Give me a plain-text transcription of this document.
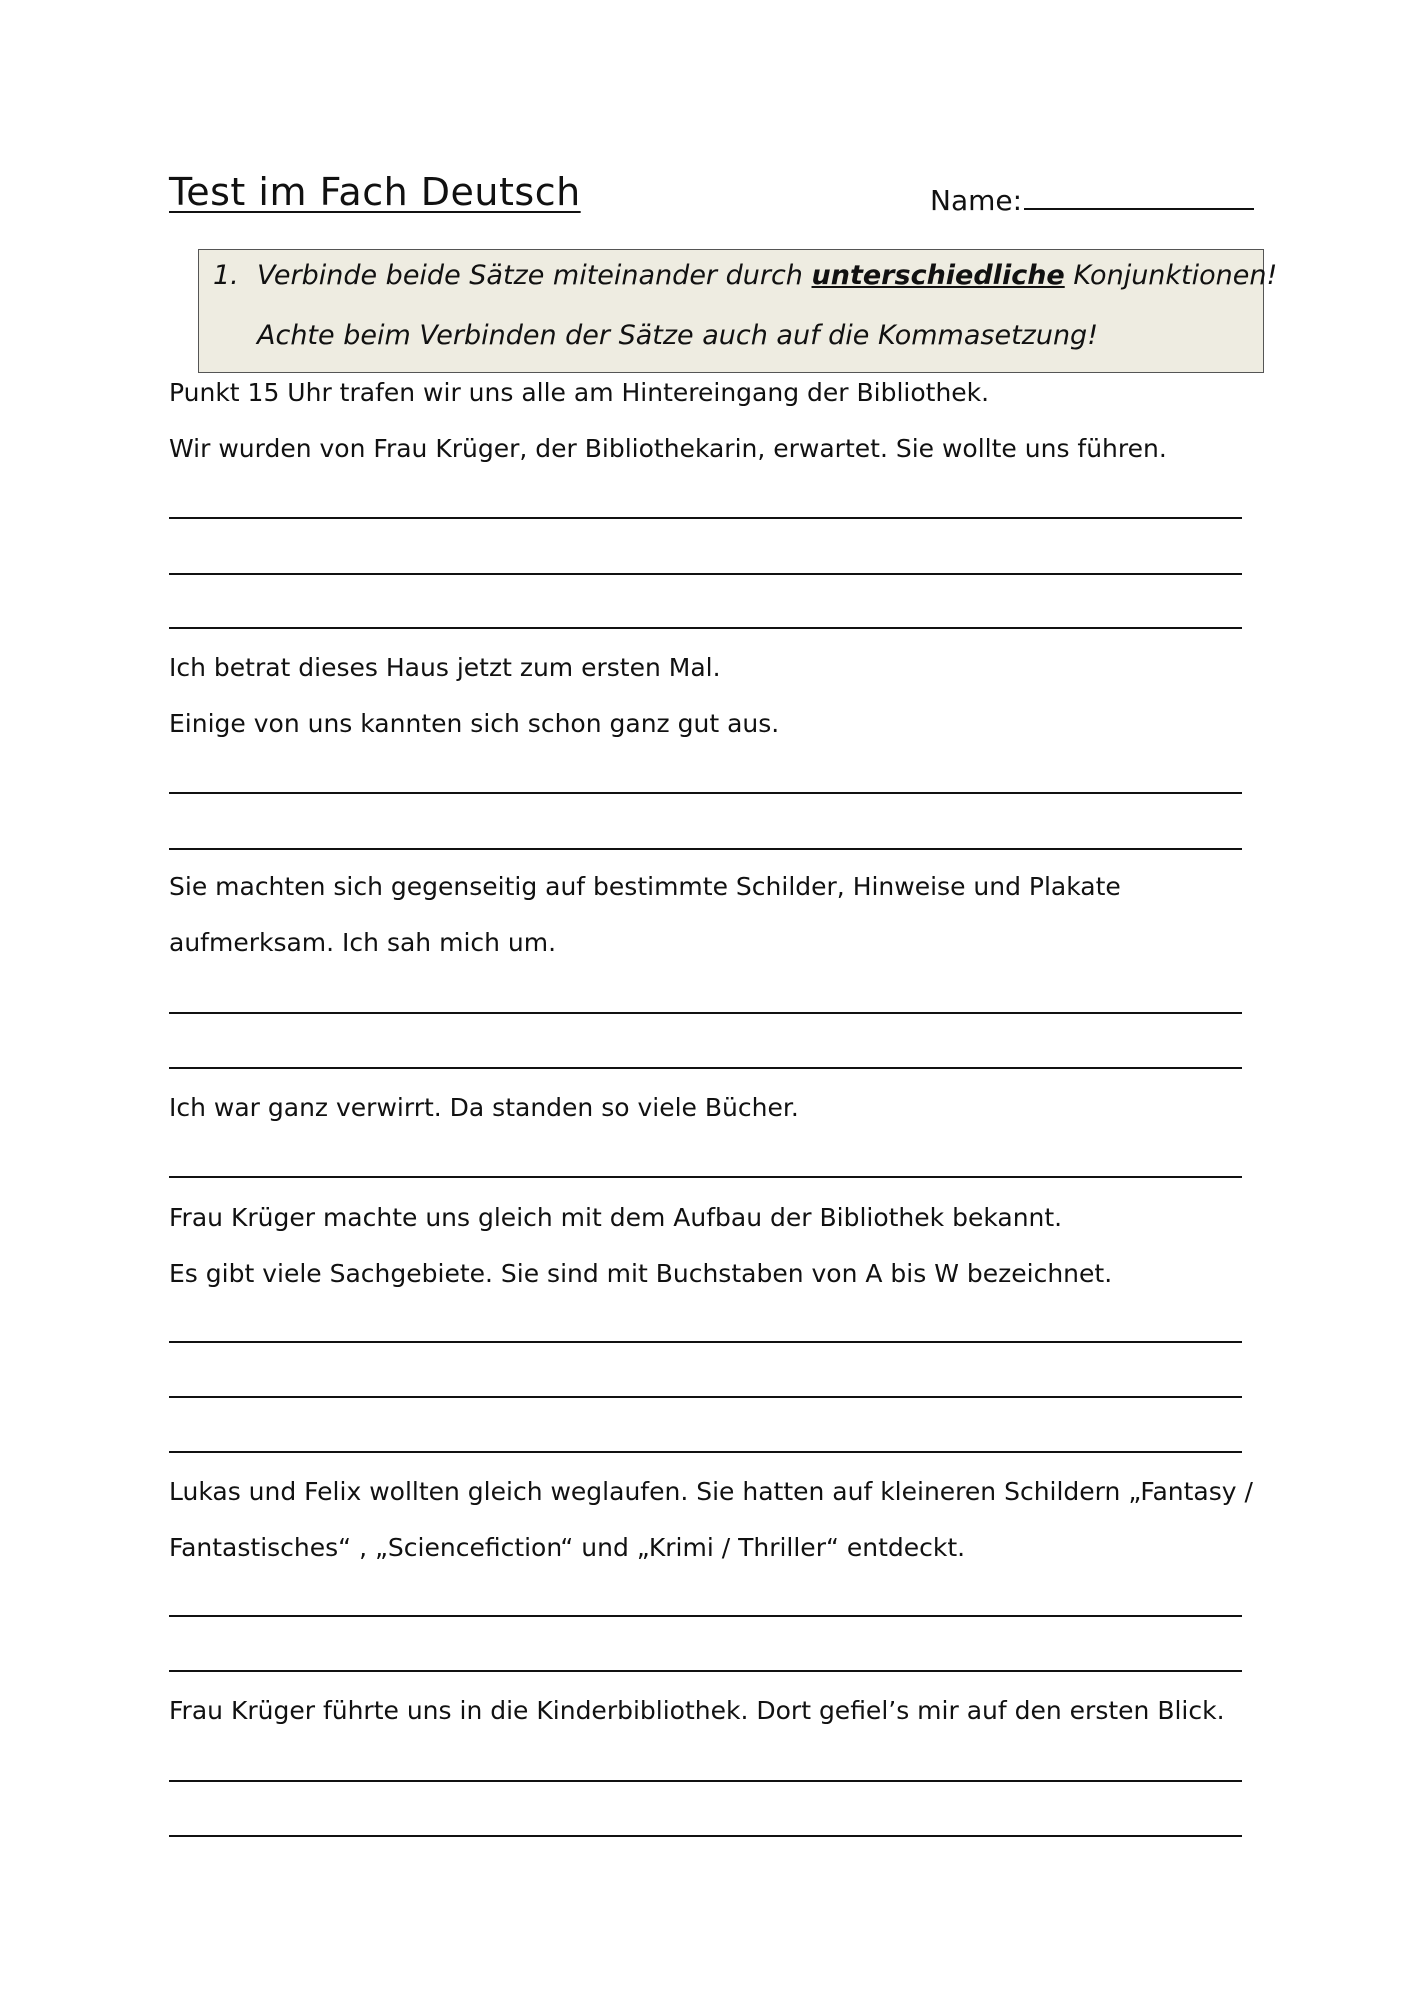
Test im Fach Deutsch	Name:
1. Verbinde beide Sätze miteinander durch unterschiedliche Konjunktionen!
Achte beim Verbinden der Sätze auch auf die Kommasetzung!
Punkt 15 Uhr trafen wir uns alle am Hintereingang der Bibliothek.
Wir wurden von Frau Krüger, der Bibliothekarin, erwartet. Sie wollte uns führen.
Ich betrat dieses Haus jetzt zum ersten Mal.
Einige von uns kannten sich schon ganz gut aus.
Sie machten sich gegenseitig auf bestimmte Schilder, Hinweise und Plakate
aufmerksam. Ich sah mich um.
Ich war ganz verwirrt. Da standen so viele Bücher.
Frau Krüger machte uns gleich mit dem Aufbau der Bibliothek bekannt.
Es gibt viele Sachgebiete. Sie sind mit Buchstaben von A bis W bezeichnet.
Lukas und Felix wollten gleich weglaufen. Sie hatten auf kleineren Schildern „Fantasy /
Fantastisches“ , „Sciencefiction“ und „Krimi / Thriller“ entdeckt.
Frau Krüger führte uns in die Kinderbibliothek. Dort gefiel’s mir auf den ersten Blick.
